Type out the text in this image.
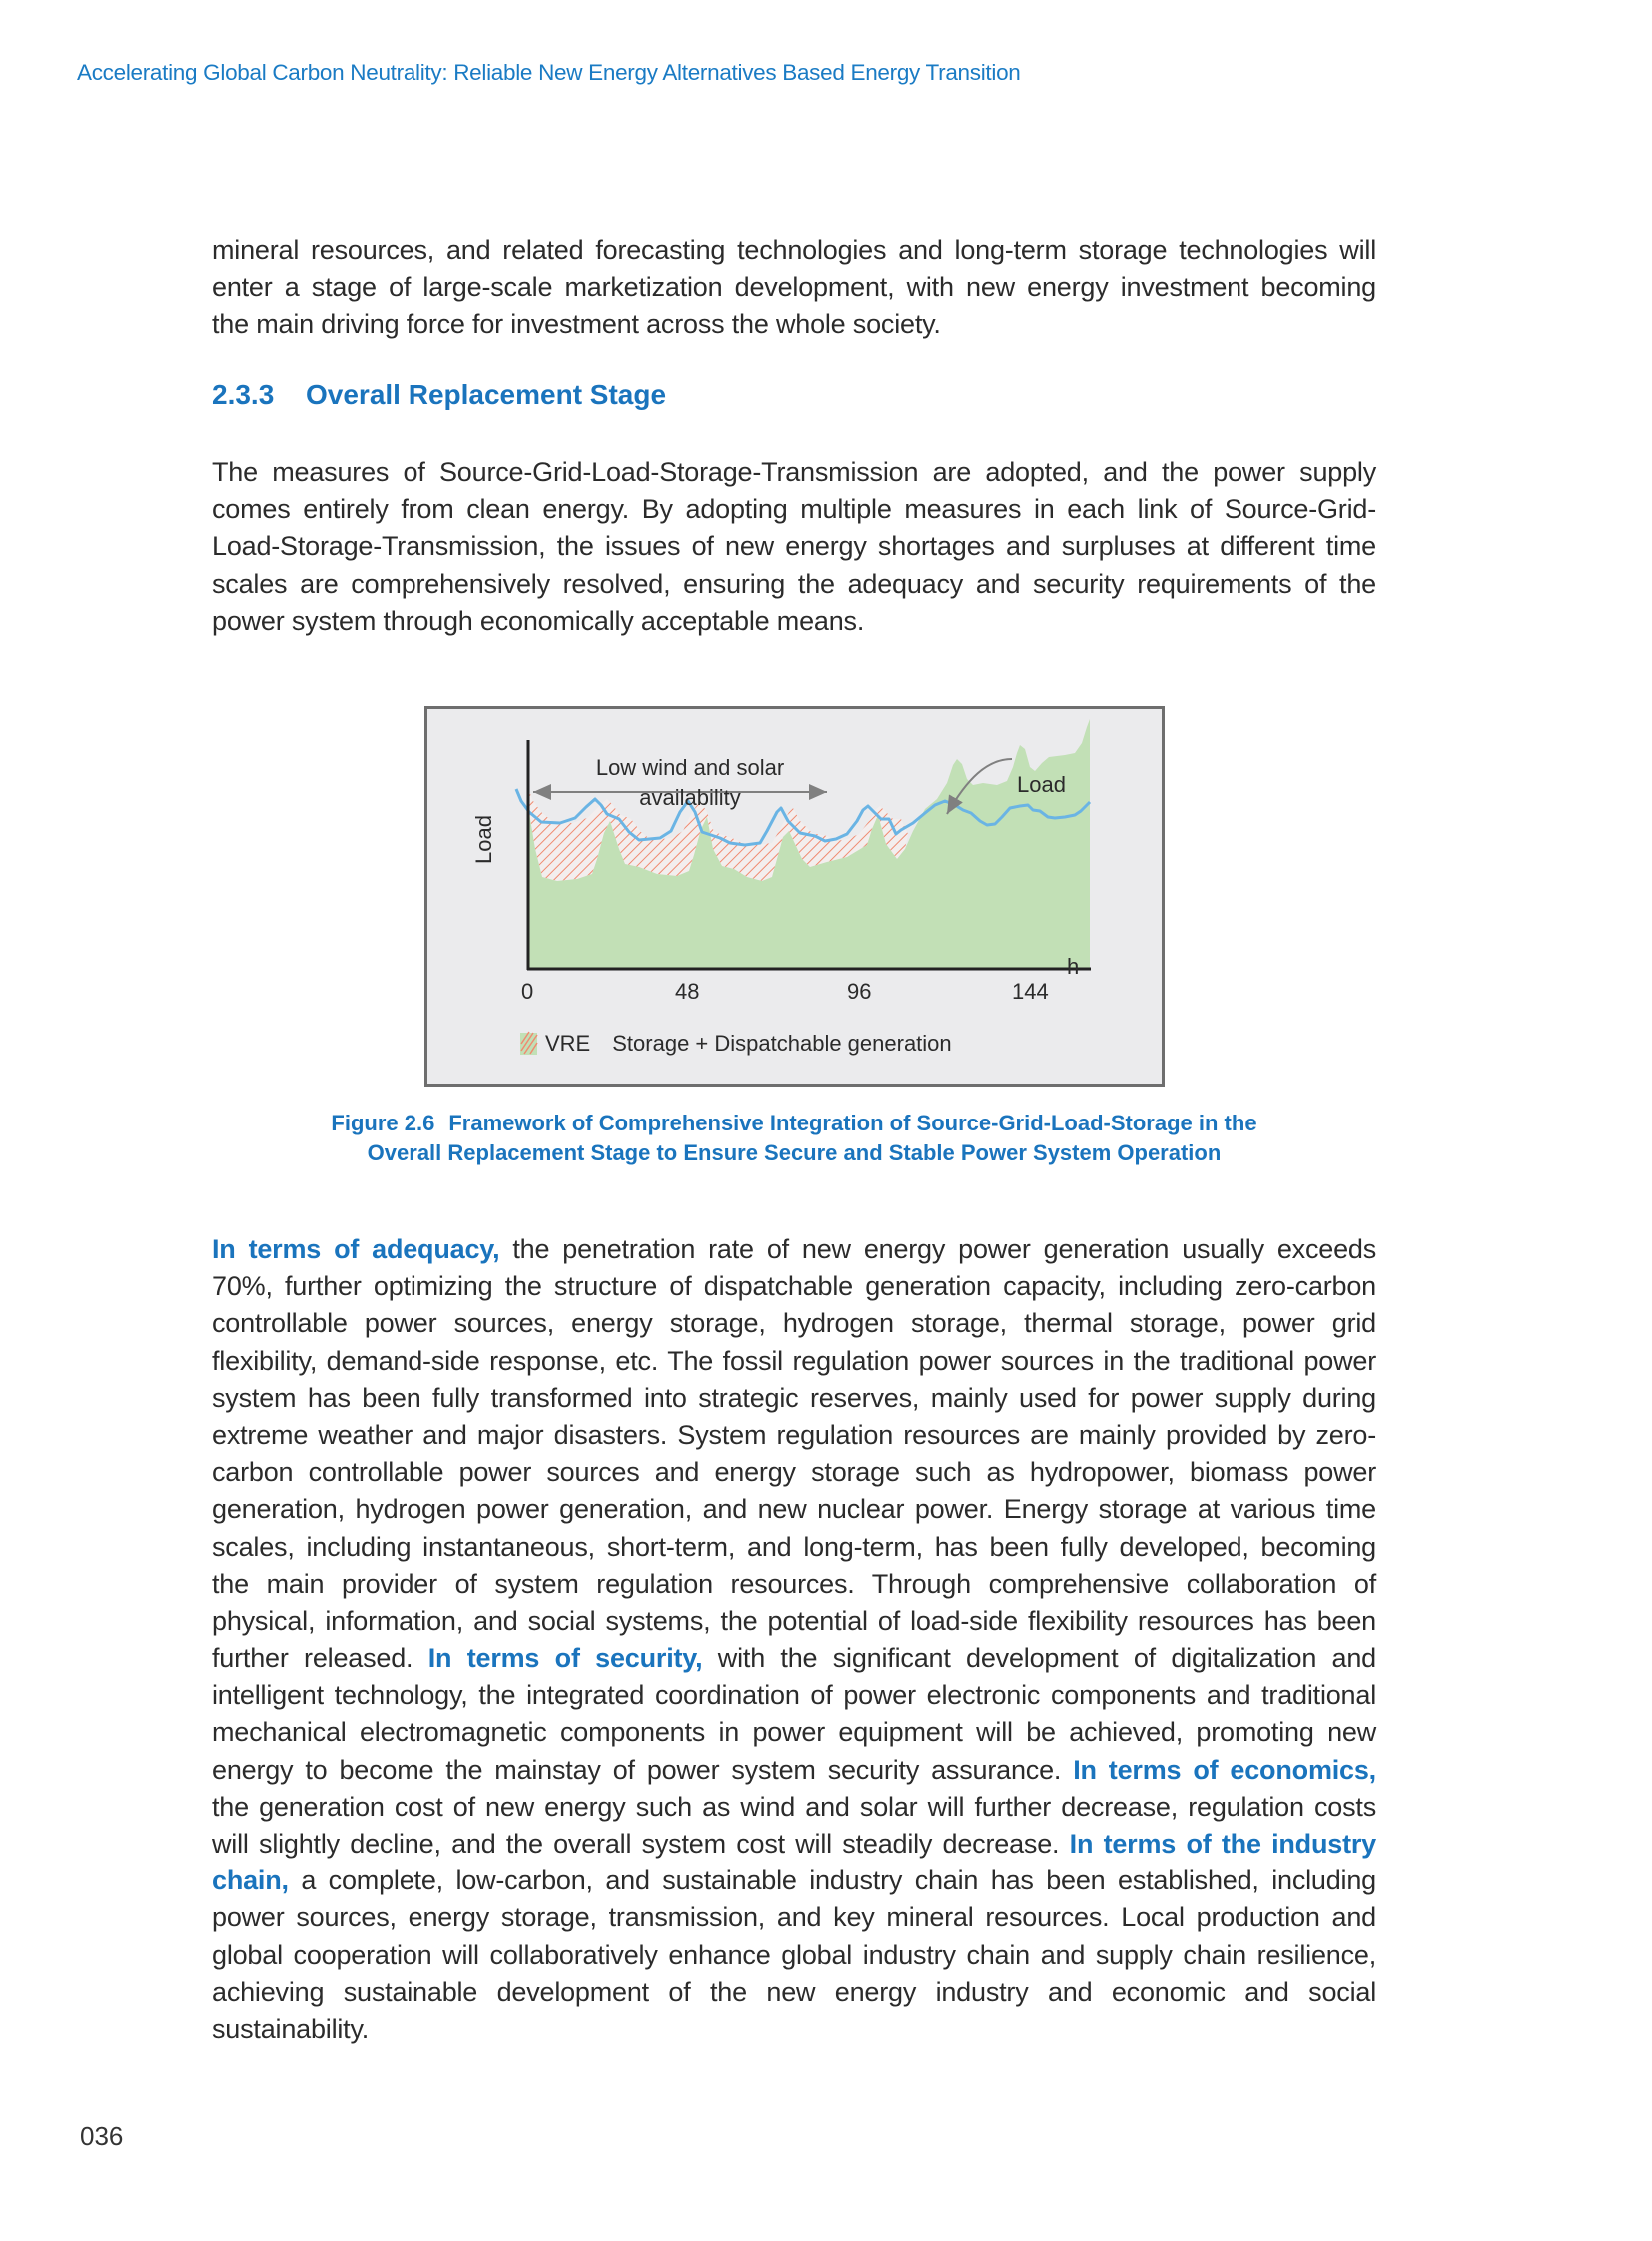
Accelerating Global Carbon Neutrality: Reliable New Energy Alternatives Based Energy Transition
mineral resources, and related forecasting technologies and long-term storage technologies will
enter a stage of large-scale marketization development, with new energy investment becoming
the main driving force for investment across the whole society.
2.3.3 Overall Replacement Stage
The measures of Source-Grid-Load-Storage-Transmission are adopted, and the power supply
comes entirely from clean energy. By adopting multiple measures in each link of Source-Grid-
Load-Storage-Transmission, the issues of new energy shortages and surpluses at different time
scales are comprehensively resolved, ensuring the adequacy and security requirements of the
power system through economically acceptable means.
Load
Low wind and solar
availability
Load
h
0	48	96	144
VRE Storage + Dispatchable generation
Figure 2.6 Framework of Comprehensive Integration of Source-Grid-Load-Storage in the
Overall Replacement Stage to Ensure Secure and Stable Power System Operation
In terms of adequacy, the penetration rate of new energy power generation usually exceeds
70%, further optimizing the structure of dispatchable generation capacity, including zero-carbon
controllable power sources, energy storage, hydrogen storage, thermal storage, power grid
flexibility, demand-side response, etc. The fossil regulation power sources in the traditional power
system has been fully transformed into strategic reserves, mainly used for power supply during
extreme weather and major disasters. System regulation resources are mainly provided by zero-
carbon controllable power sources and energy storage such as hydropower, biomass power
generation, hydrogen power generation, and new nuclear power. Energy storage at various time
scales, including instantaneous, short-term, and long-term, has been fully developed, becoming
the main provider of system regulation resources. Through comprehensive collaboration of
physical, information, and social systems, the potential of load-side flexibility resources has been
further released. In terms of security, with the significant development of digitalization and
intelligent technology, the integrated coordination of power electronic components and traditional
mechanical electromagnetic components in power equipment will be achieved, promoting new
energy to become the mainstay of power system security assurance. In terms of economics,
the generation cost of new energy such as wind and solar will further decrease, regulation costs
will slightly decline, and the overall system cost will steadily decrease. In terms of the industry
chain, a complete, low-carbon, and sustainable industry chain has been established, including
power sources, energy storage, transmission, and key mineral resources. Local production and
global cooperation will collaboratively enhance global industry chain and supply chain resilience,
achieving sustainable development of the new energy industry and economic and social
sustainability.
036
